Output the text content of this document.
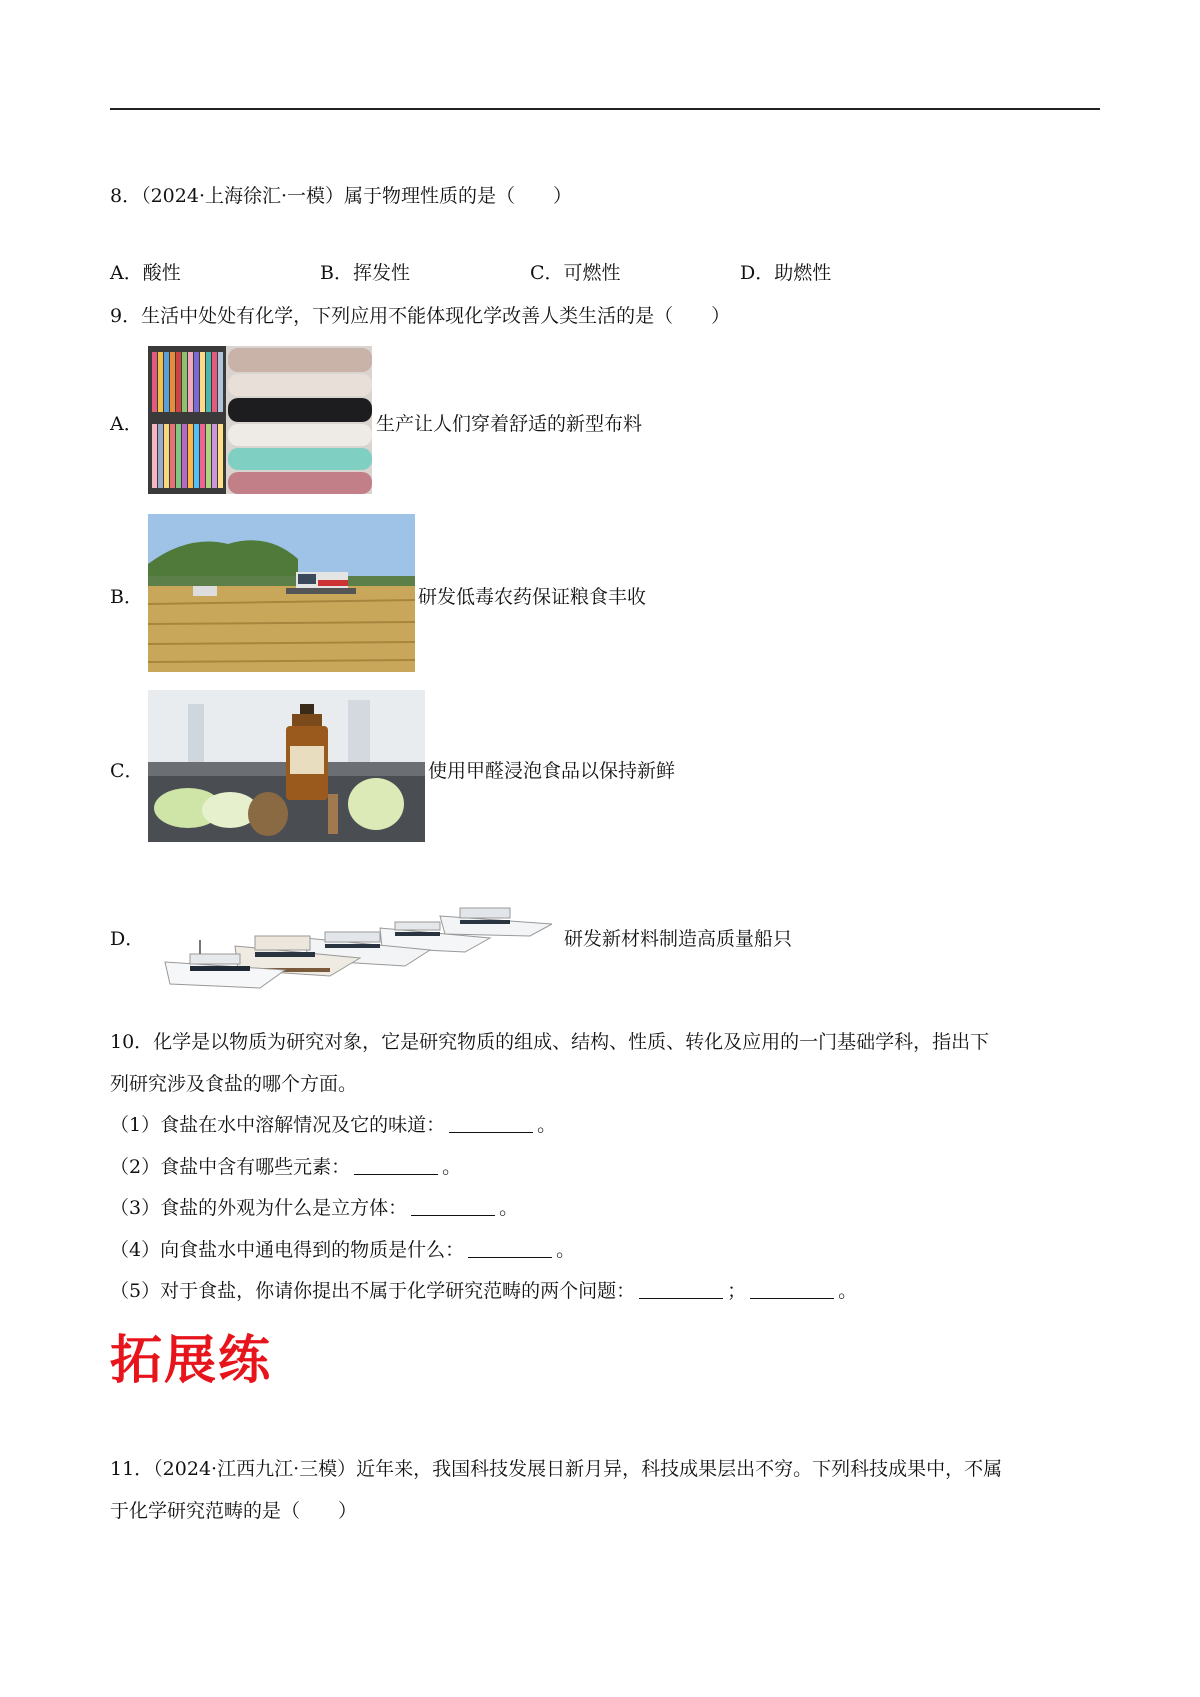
8．（2024·上海徐汇·一模）属于物理性质的是（　　）
A．酸性	B．挥发性	C．可燃性	D．助燃性
9．生活中处处有化学，下列应用不能体现化学改善人类生活的是（　　）
A．	生产让人们穿着舒适的新型布料
B．	研发低毒农药保证粮食丰收
C．	使用甲醛浸泡食品以保持新鲜
D．	研发新材料制造高质量船只
10．化学是以物质为研究对象，它是研究物质的组成、结构、性质、转化及应用的一门基础学科，指出下
列研究涉及食盐的哪个方面。
（1）食盐在水中溶解情况及它的味道：	。
（2）食盐中含有哪些元素：	。
（3）食盐的外观为什么是立方体：	。
（4）向食盐水中通电得到的物质是什么：	。
（5）对于食盐，你请你提出不属于化学研究范畴的两个问题：	；	。
拓展练
11．（2024·江西九江·三模）近年来，我国科技发展日新月异，科技成果层出不穷。下列科技成果中，不属
于化学研究范畴的是（　　）
